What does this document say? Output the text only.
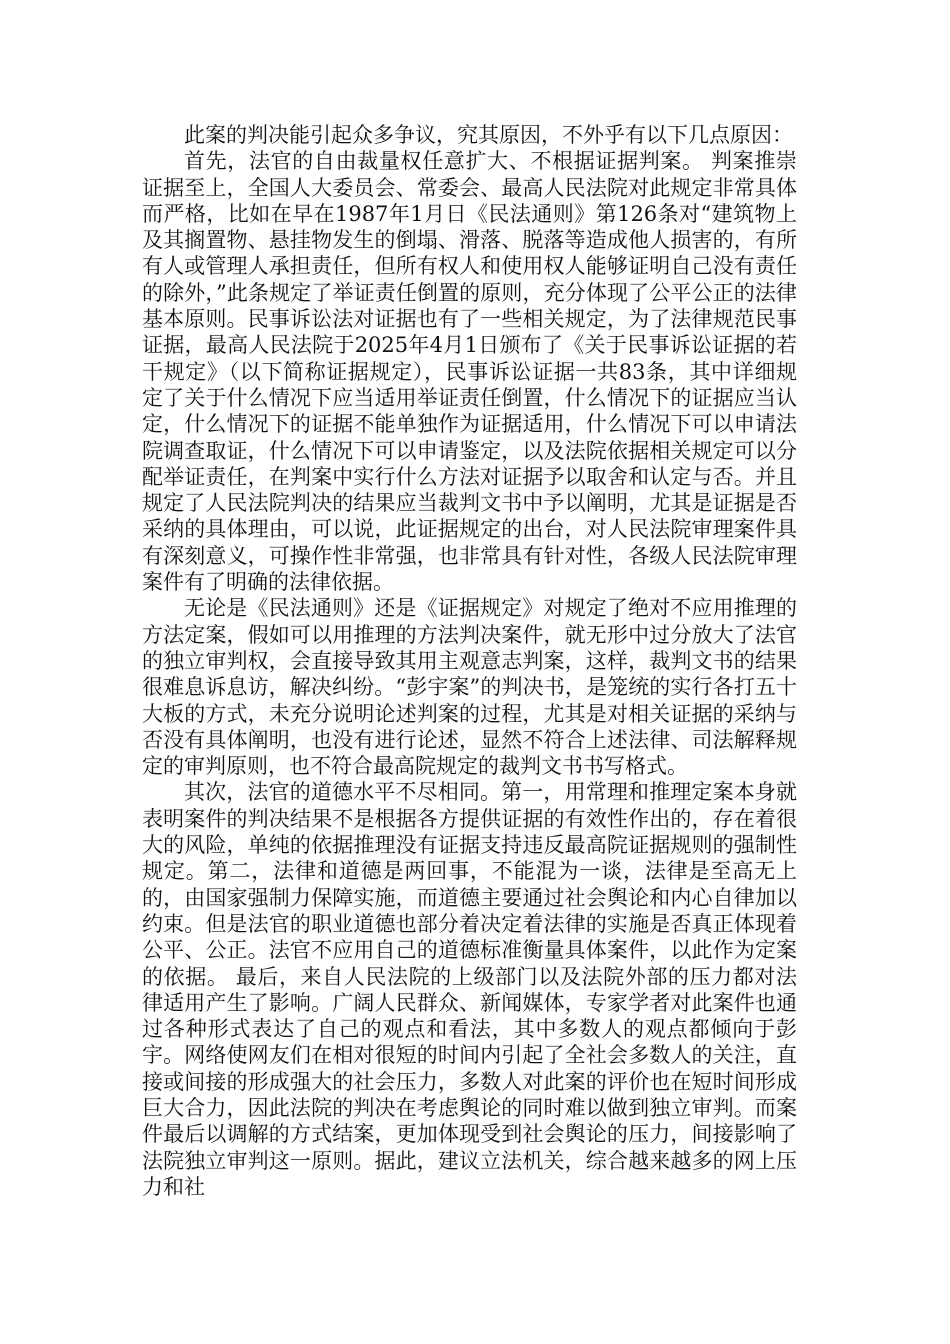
此案的判决能引起众多争议，究其原因，不外乎有以下几点原因：

首先，法官的自由裁量权任意扩大、不根据证据判案。 判案推崇证据至上，全国人大委员会、常委会、最高人民法院对此规定非常具体而严格，比如在早在1987年1月日《民法通则》第126条对“建筑物上及其搁置物、悬挂物发生的倒塌、滑落、脱落等造成他人损害的，有所有人或管理人承担责任，但所有权人和使用权人能够证明自己没有责任的除外，”此条规定了举证责任倒置的原则，充分体现了公平公正的法律基本原则。民事诉讼法对证据也有了一些相关规定，为了法律规范民事证据，最高人民法院于2025年4月1日颁布了《关于民事诉讼证据的若干规定》（以下简称证据规定），民事诉讼证据一共83条，其中详细规定了关于什么情况下应当适用举证责任倒置，什么情况下的证据应当认定，什么情况下的证据不能单独作为证据适用，什么情况下可以申请法院调查取证，什么情况下可以申请鉴定，以及法院依据相关规定可以分配举证责任，在判案中实行什么方法对证据予以取舍和认定与否。并且规定了人民法院判决的结果应当裁判文书中予以阐明，尤其是证据是否采纳的具体理由，可以说，此证据规定的出台，对人民法院审理案件具有深刻意义，可操作性非常强，也非常具有针对性，各级人民法院审理案件有了明确的法律依据。

无论是《民法通则》还是《证据规定》对规定了绝对不应用推理的方法定案，假如可以用推理的方法判决案件，就无形中过分放大了法官的独立审判权，会直接导致其用主观意志判案，这样，裁判文书的结果很难息诉息访，解决纠纷。“彭宇案”的判决书，是笼统的实行各打五十大板的方式，未充分说明论述判案的过程，尤其是对相关证据的采纳与否没有具体阐明，也没有进行论述，显然不符合上述法律、司法解释规定的审判原则，也不符合最高院规定的裁判文书书写格式。

其次，法官的道德水平不尽相同。第一，用常理和推理定案本身就表明案件的判决结果不是根据各方提供证据的有效性作出的，存在着很大的风险，单纯的依据推理没有证据支持违反最高院证据规则的强制性规定。第二，法律和道德是两回事，不能混为一谈，法律是至高无上的，由国家强制力保障实施，而道德主要通过社会舆论和内心自律加以约束。但是法官的职业道德也部分着决定着法律的实施是否真正体现着公平、公正。法官不应用自己的道德标准衡量具体案件，以此作为定案的依据。 最后，来自人民法院的上级部门以及法院外部的压力都对法律适用产生了影响。广阔人民群众、新闻媒体，专家学者对此案件也通过各种形式表达了自己的观点和看法，其中多数人的观点都倾向于彭宇。网络使网友们在相对很短的时间内引起了全社会多数人的关注，直接或间接的形成强大的社会压力，多数人对此案的评价也在短时间形成巨大合力，因此法院的判决在考虑舆论的同时难以做到独立审判。而案件最后以调解的方式结案，更加体现受到社会舆论的压力，间接影响了法院独立审判这一原则。据此，建议立法机关，综合越来越多的网上压力和社
